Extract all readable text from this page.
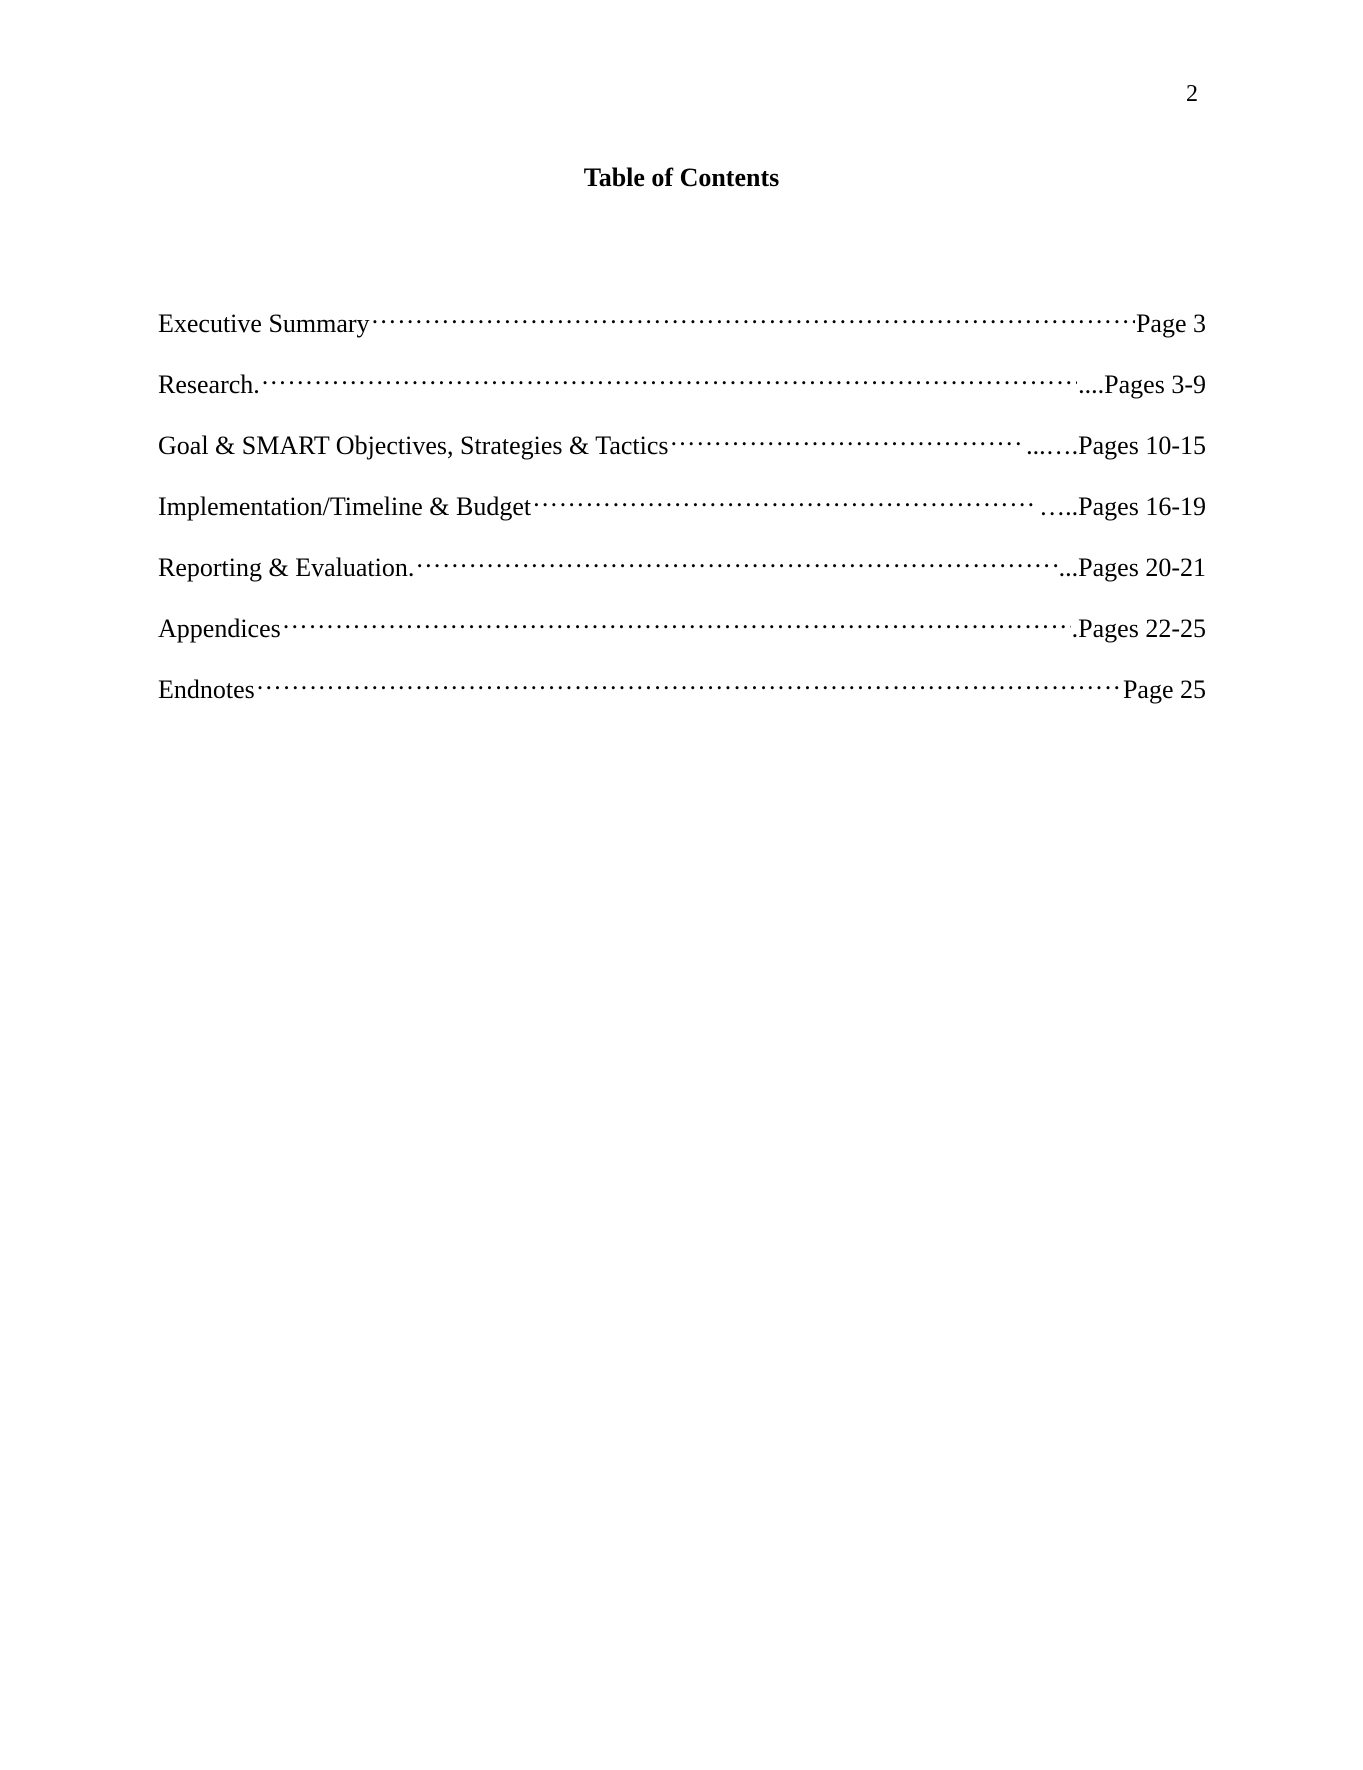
2
Table of Contents
Executive Summary ……………………………………………………………………………………………………………………………………………………………………………………………………	Page 3
Research. ……………………………………………………………………………………………………………………………………………………………………………………………………	....Pages 3-9
Goal & SMART Objectives, Strategies & Tactics ……………………………………………………………………………………………………………………………………………………………………………………………………	...….Pages 10-15
Implementation/Timeline & Budget ……………………………………………………………………………………………………………………………………………………………………………………………………	…..Pages 16-19
Reporting & Evaluation. ……………………………………………………………………………………………………………………………………………………………………………………………………	...Pages 20-21
Appendices ……………………………………………………………………………………………………………………………………………………………………………………………………	.Pages 22-25
Endnotes ……………………………………………………………………………………………………………………………………………………………………………………………………	Page 25
